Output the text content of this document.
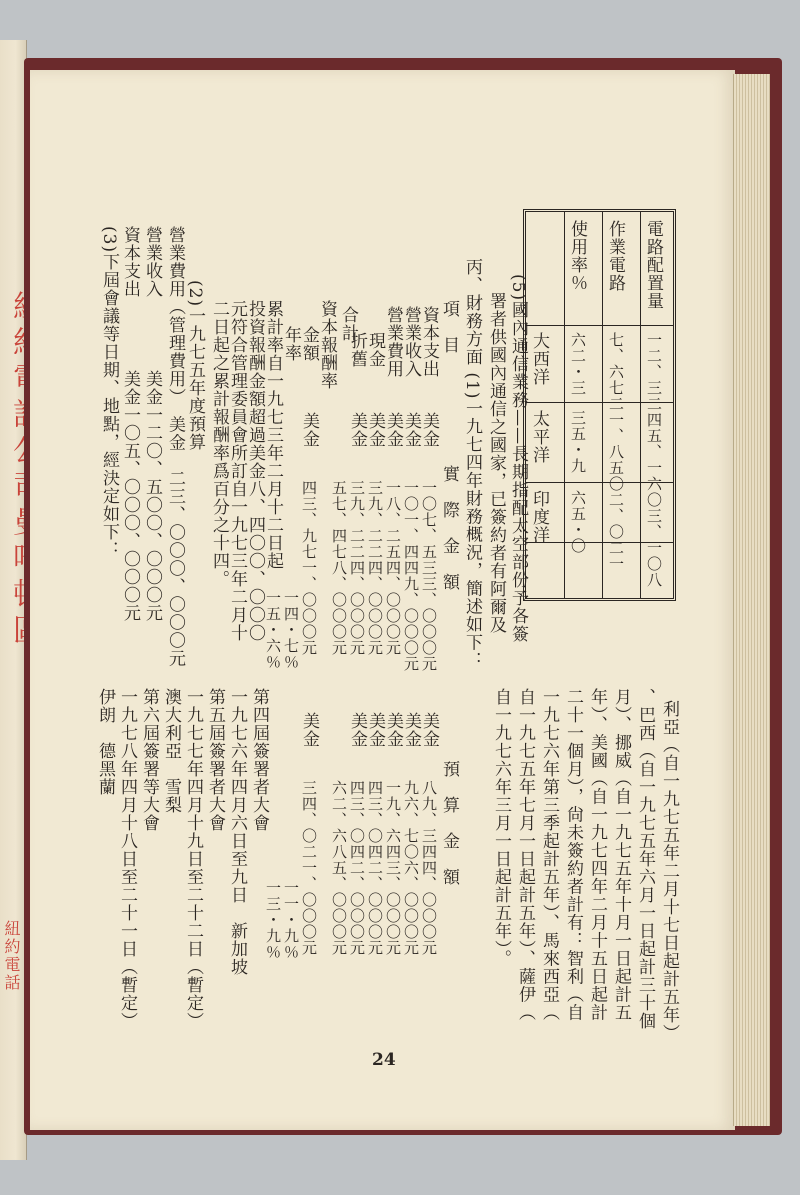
紐約電話
電路配置量
作業電路
使用率％
大西洋
太平洋
印度洋	一二、三二四五、一六〇三、一〇八
七、六七二一、八五〇二、〇二一
六二・三
三五・九
六五・〇
(5)國內通信業務——長期指配太空部份予各簽
署者供國內通信之國家，已簽約者有阿爾及
利亞（自一九七五年二月十七日起計五年）
、巴西（自一九七五年六月一日起計三十個
月）、挪威（自一九七五年十月一日起計五
年）、美國（自一九七四年二月十五日起計
二十一個月），尙未簽約者計有：智利（自
一九七六年第三季起計五年）、馬來西亞（
自一九七五年七月一日起計五年）、薩伊（
自一九七六年三月一日起計五年）。
丙、財務方面 (1)一九七四年財務概況，簡述如下：
項　目
實　際　金　額
預　算　金　額
資本支出
美金
一〇七、五三三、〇〇〇元
美金
八九、三四四、〇〇〇元
營業收入
美金
一〇一、四四九、〇〇〇元
美金
九六、七〇六、〇〇〇元
營業費用
美金
一八、二五四、〇〇〇元
美金
一九、六四三、〇〇〇元
現金
美金
三九、二二四、〇〇〇元
美金
四三、〇四二、〇〇〇元
折舊
美金
三九、二二四、〇〇〇元
美金
四三、〇四二、〇〇〇元
合計
五七、四七八、〇〇〇元
六二、六八五、〇〇〇元
資本報酬率
金額
美金
四三、九七一、〇〇〇元
美金
三四、〇二一、〇〇〇元
年率
一四・七％
一一・九％
一五・六％
一三・九％
累計率自一九七三年二月十二日起
投資報酬金額超過美金八、四〇〇、〇〇〇
元符合管理委員會所訂自一九七三年二月十
二日起之累計報酬率爲百分之十四。
(2)一九七五年度預算
營業費用（管理費用）　美金　二三、〇〇〇、〇〇〇元
營業收入　　　　美金一二〇、五〇〇、〇〇〇元
資本支出　　　　美金一〇五、〇〇〇、〇〇〇元
(3)下屆會議等日期、地點，經決定如下：
第四屆簽署者大會
一九七六年四月六日至九日　新加坡
第五屆簽署者大會
一九七七年四月十九日至二十二日（暫定）
澳大利亞　雪梨
第六屆簽署等大會
一九七八年四月十八日至二十一日（暫定）
伊朗　德黑蘭
24
